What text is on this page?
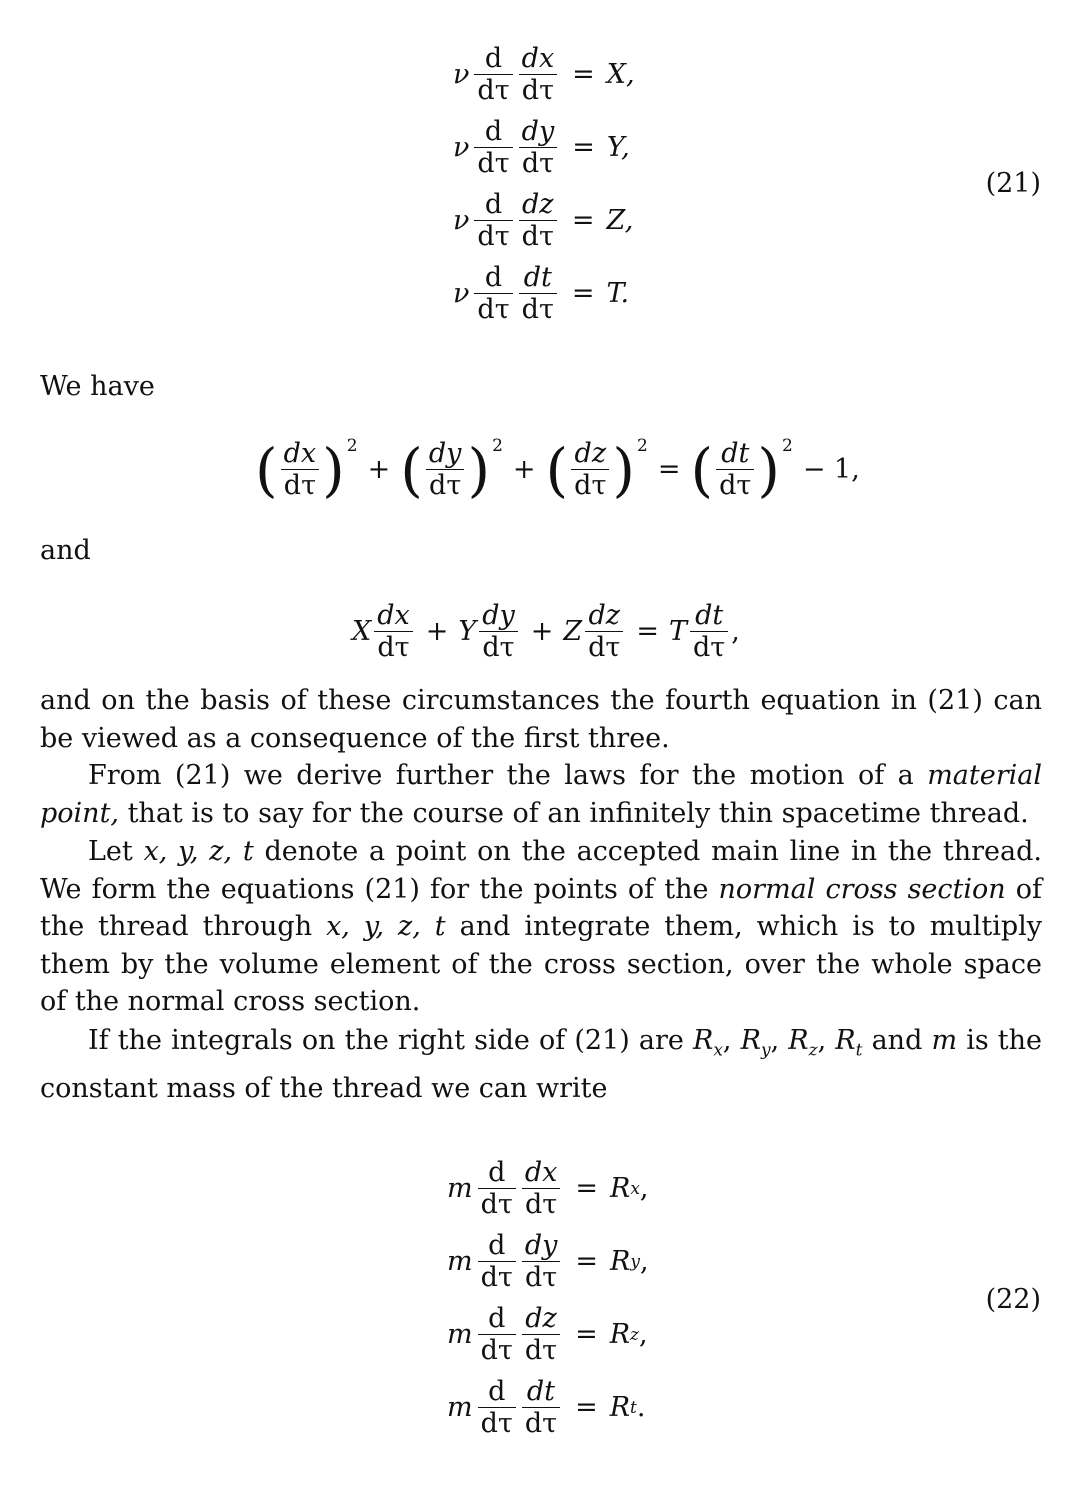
ν $\frac{d}{d\tau} \frac{dx}{d\tau} = X$,
ν $\frac{d}{d\tau} \frac{dy}{d\tau} = Y$,
ν $\frac{d}{d\tau} \frac{dz}{d\tau} = Z$,
ν $\frac{d}{d\tau} \frac{dt}{d\tau} = T$.
(21)
We have
( $\frac{dx}{d\tau}$ ) 2
+ ( $\frac{dy}{d\tau}$ ) 2
+ ( $\frac{dz}{d\tau}$ ) 2
= ( $\frac{dt}{d\tau}$ ) 2
− 1,
and
X $\frac{dx}{d\tau} + Y \frac{dy}{d\tau} + Z \frac{dz}{d\tau} = T \frac{dt}{d\tau}$ ,
and on the basis of these circumstances the fourth equation in (21) can be viewed as a consequence of the first three.
From (21) we derive further the laws for the motion of a material point, that is to say for the course of an infinitely thin spacetime thread.
Let x, y, z, t denote a point on the accepted main line in the thread. We form the equations (21) for the points of the normal cross section of the thread through x, y, z, t and integrate them, which is to multiply them by the volume element of the cross section, over the whole space of the normal cross section.
If the integrals on the right side of (21) are $R_x$, $R_y$, $R_z$, $R_t$ and m is the constant mass of the thread we can write
m $\frac{d}{d\tau} \frac{dx}{d\tau} = R$ x ,
m $\frac{d}{d\tau} \frac{dy}{d\tau} = R$ y ,
m $\frac{d}{d\tau} \frac{dz}{d\tau} = R$ z ,
m $\frac{d}{d\tau} \frac{dt}{d\tau} = R$ t .
(22)
